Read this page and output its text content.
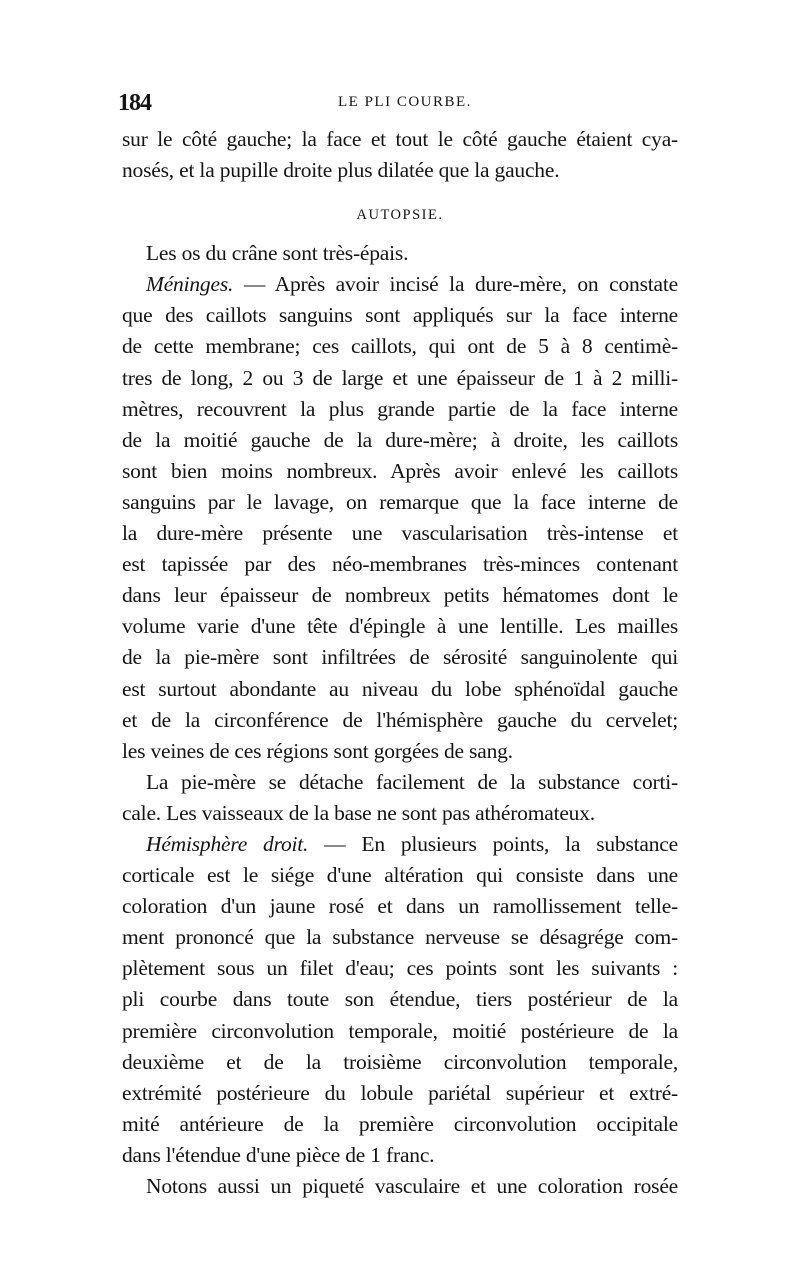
184	LE PLI COURBE.
sur le côté gauche; la face et tout le côté gauche étaient cya-
nosés, et la pupille droite plus dilatée que la gauche.
AUTOPSIE.
Les os du crâne sont très-épais.
Méninges. — Après avoir incisé la dure-mère, on constate
que des caillots sanguins sont appliqués sur la face interne
de cette membrane; ces caillots, qui ont de 5 à 8 centimè-
tres de long, 2 ou 3 de large et une épaisseur de 1 à 2 milli-
mètres, recouvrent la plus grande partie de la face interne
de la moitié gauche de la dure-mère; à droite, les caillots
sont bien moins nombreux. Après avoir enlevé les caillots
sanguins par le lavage, on remarque que la face interne de
la dure-mère présente une vascularisation très-intense et
est tapissée par des néo-membranes très-minces contenant
dans leur épaisseur de nombreux petits hématomes dont le
volume varie d'une tête d'épingle à une lentille. Les mailles
de la pie-mère sont infiltrées de sérosité sanguinolente qui
est surtout abondante au niveau du lobe sphénoïdal gauche
et de la circonférence de l'hémisphère gauche du cervelet;
les veines de ces régions sont gorgées de sang.
La pie-mère se détache facilement de la substance corti-
cale. Les vaisseaux de la base ne sont pas athéromateux.
Hémisphère droit. — En plusieurs points, la substance
corticale est le siége d'une altération qui consiste dans une
coloration d'un jaune rosé et dans un ramollissement telle-
ment prononcé que la substance nerveuse se désagrége com-
plètement sous un filet d'eau; ces points sont les suivants :
pli courbe dans toute son étendue, tiers postérieur de la
première circonvolution temporale, moitié postérieure de la
deuxième et de la troisième circonvolution temporale,
extrémité postérieure du lobule pariétal supérieur et extré-
mité antérieure de la première circonvolution occipitale
dans l'étendue d'une pièce de 1 franc.
Notons aussi un piqueté vasculaire et une coloration rosée
